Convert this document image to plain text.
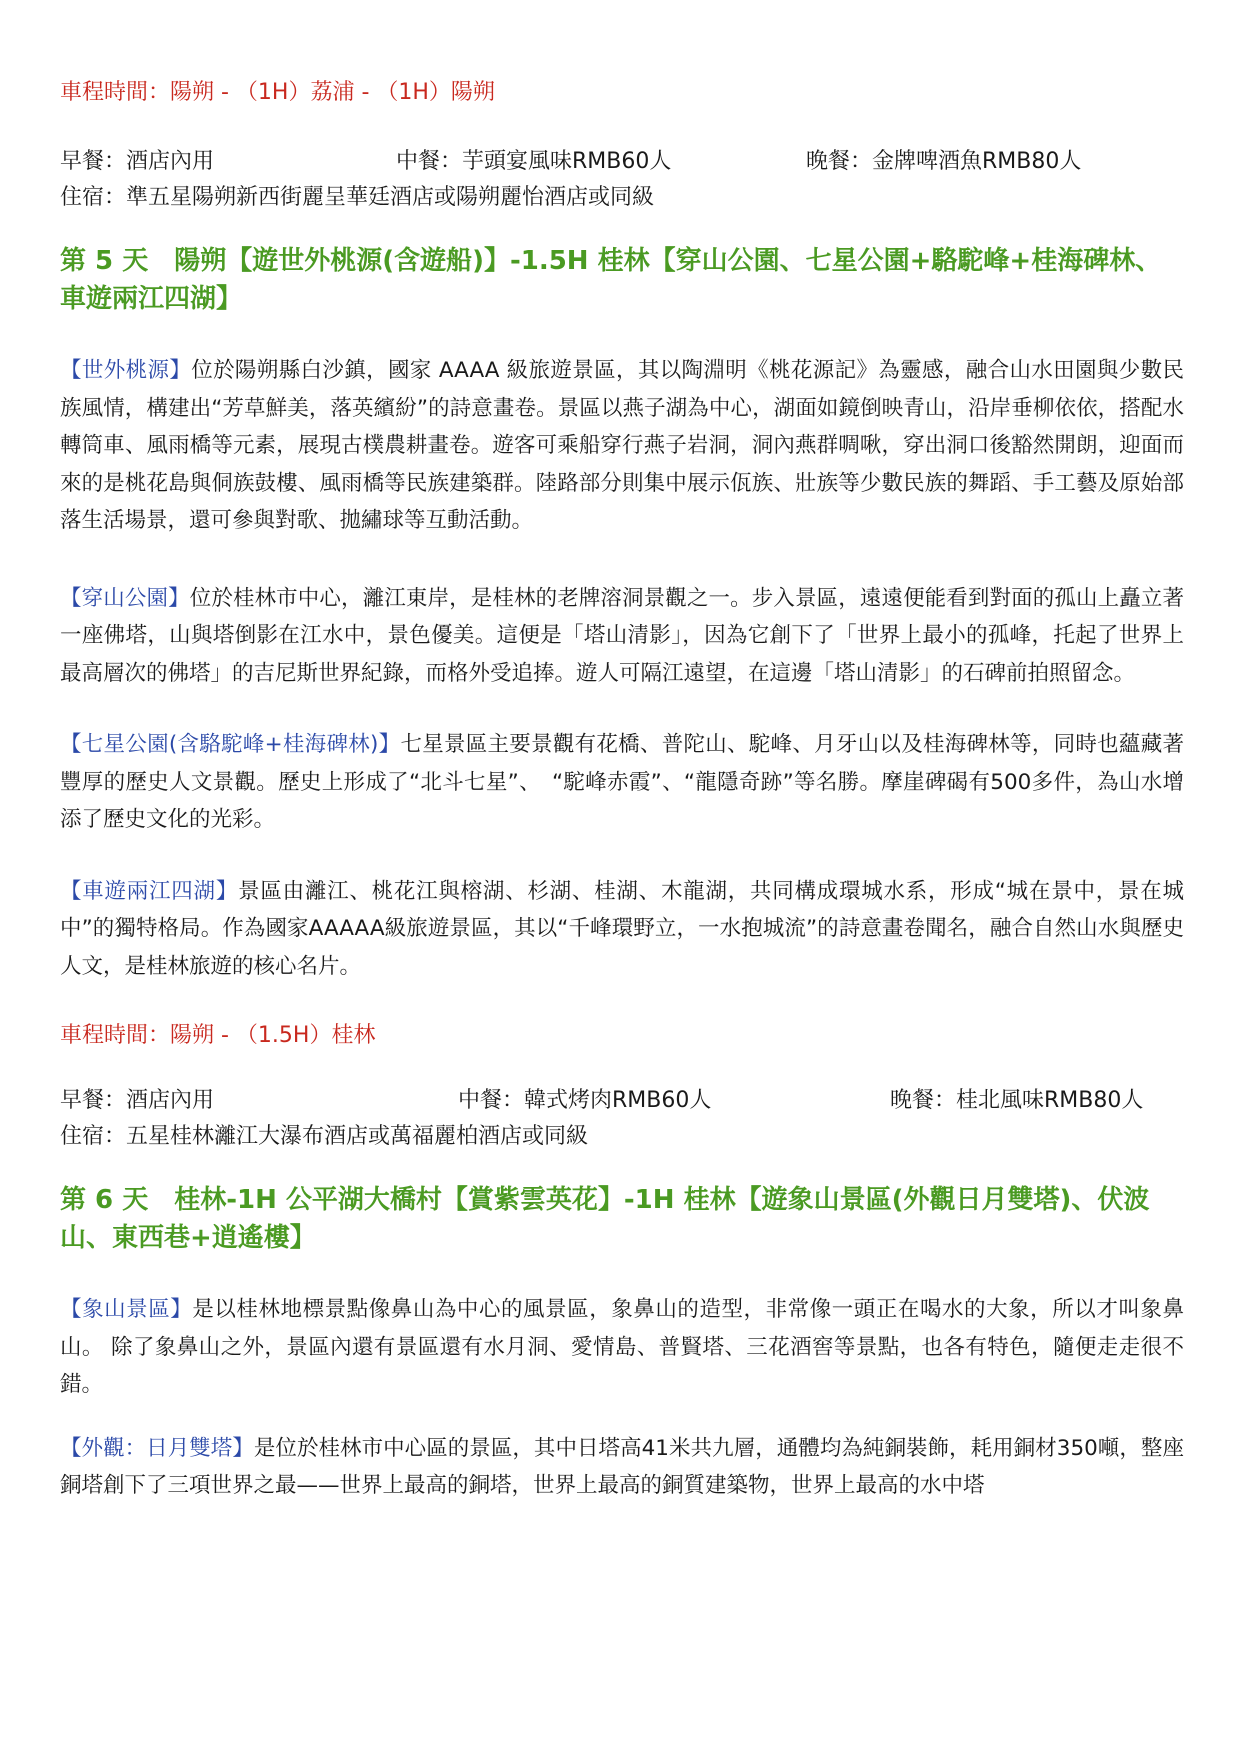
車程時間：陽朔 - （1H）荔浦 - （1H）陽朔
早餐：酒店內用	中餐：芋頭宴風味RMB60人	晚餐：金牌啤酒魚RMB80人
住宿：準五星陽朔新西街麗呈華廷酒店或陽朔麗怡酒店或同級
第 5 天　陽朔【遊世外桃源(含遊船)】-1.5H 桂林【穿山公園、七星公園+駱駝峰+桂海碑林、車遊兩江四湖】

【世外桃源】位於陽朔縣白沙鎮，國家 AAAA 級旅遊景區，其以陶淵明《桃花源記》為靈感，融合山水田園與少數民族風情，構建出“芳草鮮美，落英繽紛”的詩意畫卷。景區以燕子湖為中心，湖面如鏡倒映青山，沿岸垂柳依依，搭配水轉筒車、風雨橋等元素，展現古樸農耕畫卷。遊客可乘船穿行燕子岩洞，洞內燕群啁啾，穿出洞口後豁然開朗，迎面而來的是桃花島與侗族鼓樓、風雨橋等民族建築群。陸路部分則集中展示佤族、壯族等少數民族的舞蹈、手工藝及原始部落生活場景，還可參與對歌、拋繡球等互動活動。

【穿山公園】位於桂林市中心，灕江東岸，是桂林的老牌溶洞景觀之一。步入景區，遠遠便能看到對面的孤山上矗立著一座佛塔，山與塔倒影在江水中，景色優美。這便是「塔山清影」，因為它創下了「世界上最小的孤峰，托起了世界上最高層次的佛塔」的吉尼斯世界紀錄，而格外受追捧。遊人可隔江遠望，在這邊「塔山清影」的石碑前拍照留念。

【七星公園(含駱駝峰+桂海碑林)】七星景區主要景觀有花橋、普陀山、駝峰、月牙山以及桂海碑林等，同時也蘊藏著豐厚的歷史人文景觀。歷史上形成了“北斗七星”、　“駝峰赤霞”、“龍隱奇跡”等名勝。摩崖碑碣有500多件，為山水增添了歷史文化的光彩。

【車遊兩江四湖】景區由灕江、桃花江與榕湖、杉湖、桂湖、木龍湖，共同構成環城水系，形成“城在景中，景在城中”的獨特格局。作為國家AAAAA級旅遊景區，其以“千峰環野立，一水抱城流”的詩意畫卷聞名，融合自然山水與歷史人文，是桂林旅遊的核心名片。

車程時間：陽朔 - （1.5H）桂林
早餐：酒店內用	中餐：韓式烤肉RMB60人	晚餐：桂北風味RMB80人
住宿：五星桂林灕江大瀑布酒店或萬福麗柏酒店或同級
第 6 天　桂林-1H 公平湖大橋村【賞紫雲英花】-1H 桂林【遊象山景區(外觀日月雙塔)、伏波山、東西巷+逍遙樓】

【象山景區】是以桂林地標景點像鼻山為中心的風景區，象鼻山的造型，非常像一頭正在喝水的大象，所以才叫象鼻山。 除了象鼻山之外，景區內還有景區還有水月洞、愛情島、普賢塔、三花酒窖等景點，也各有特色，隨便走走很不錯。

【外觀：日月雙塔】是位於桂林市中心區的景區，其中日塔高41米共九層，通體均為純銅裝飾，耗用銅材350噸，整座銅塔創下了三項世界之最——世界上最高的銅塔，世界上最高的銅質建築物，世界上最高的水中塔
